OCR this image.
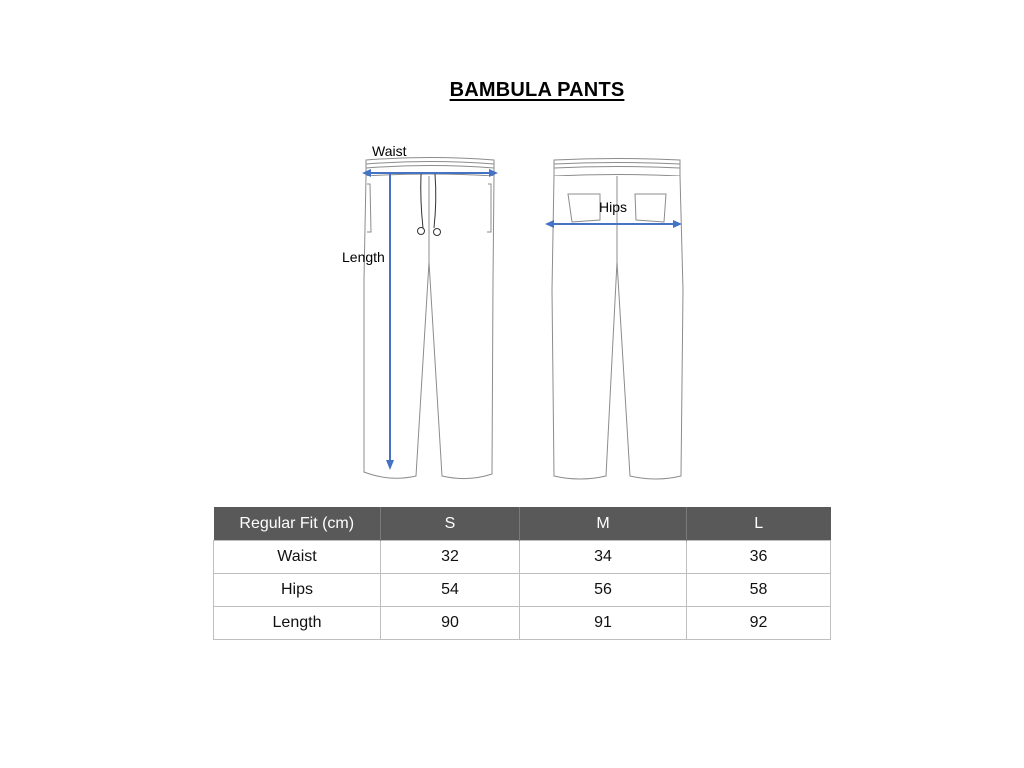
BAMBULA PANTS
Waist
Length
Hips
Regular Fit (cm)	S	M	L
Waist	32	34	36
Hips	54	56	58
Length	90	91	92
